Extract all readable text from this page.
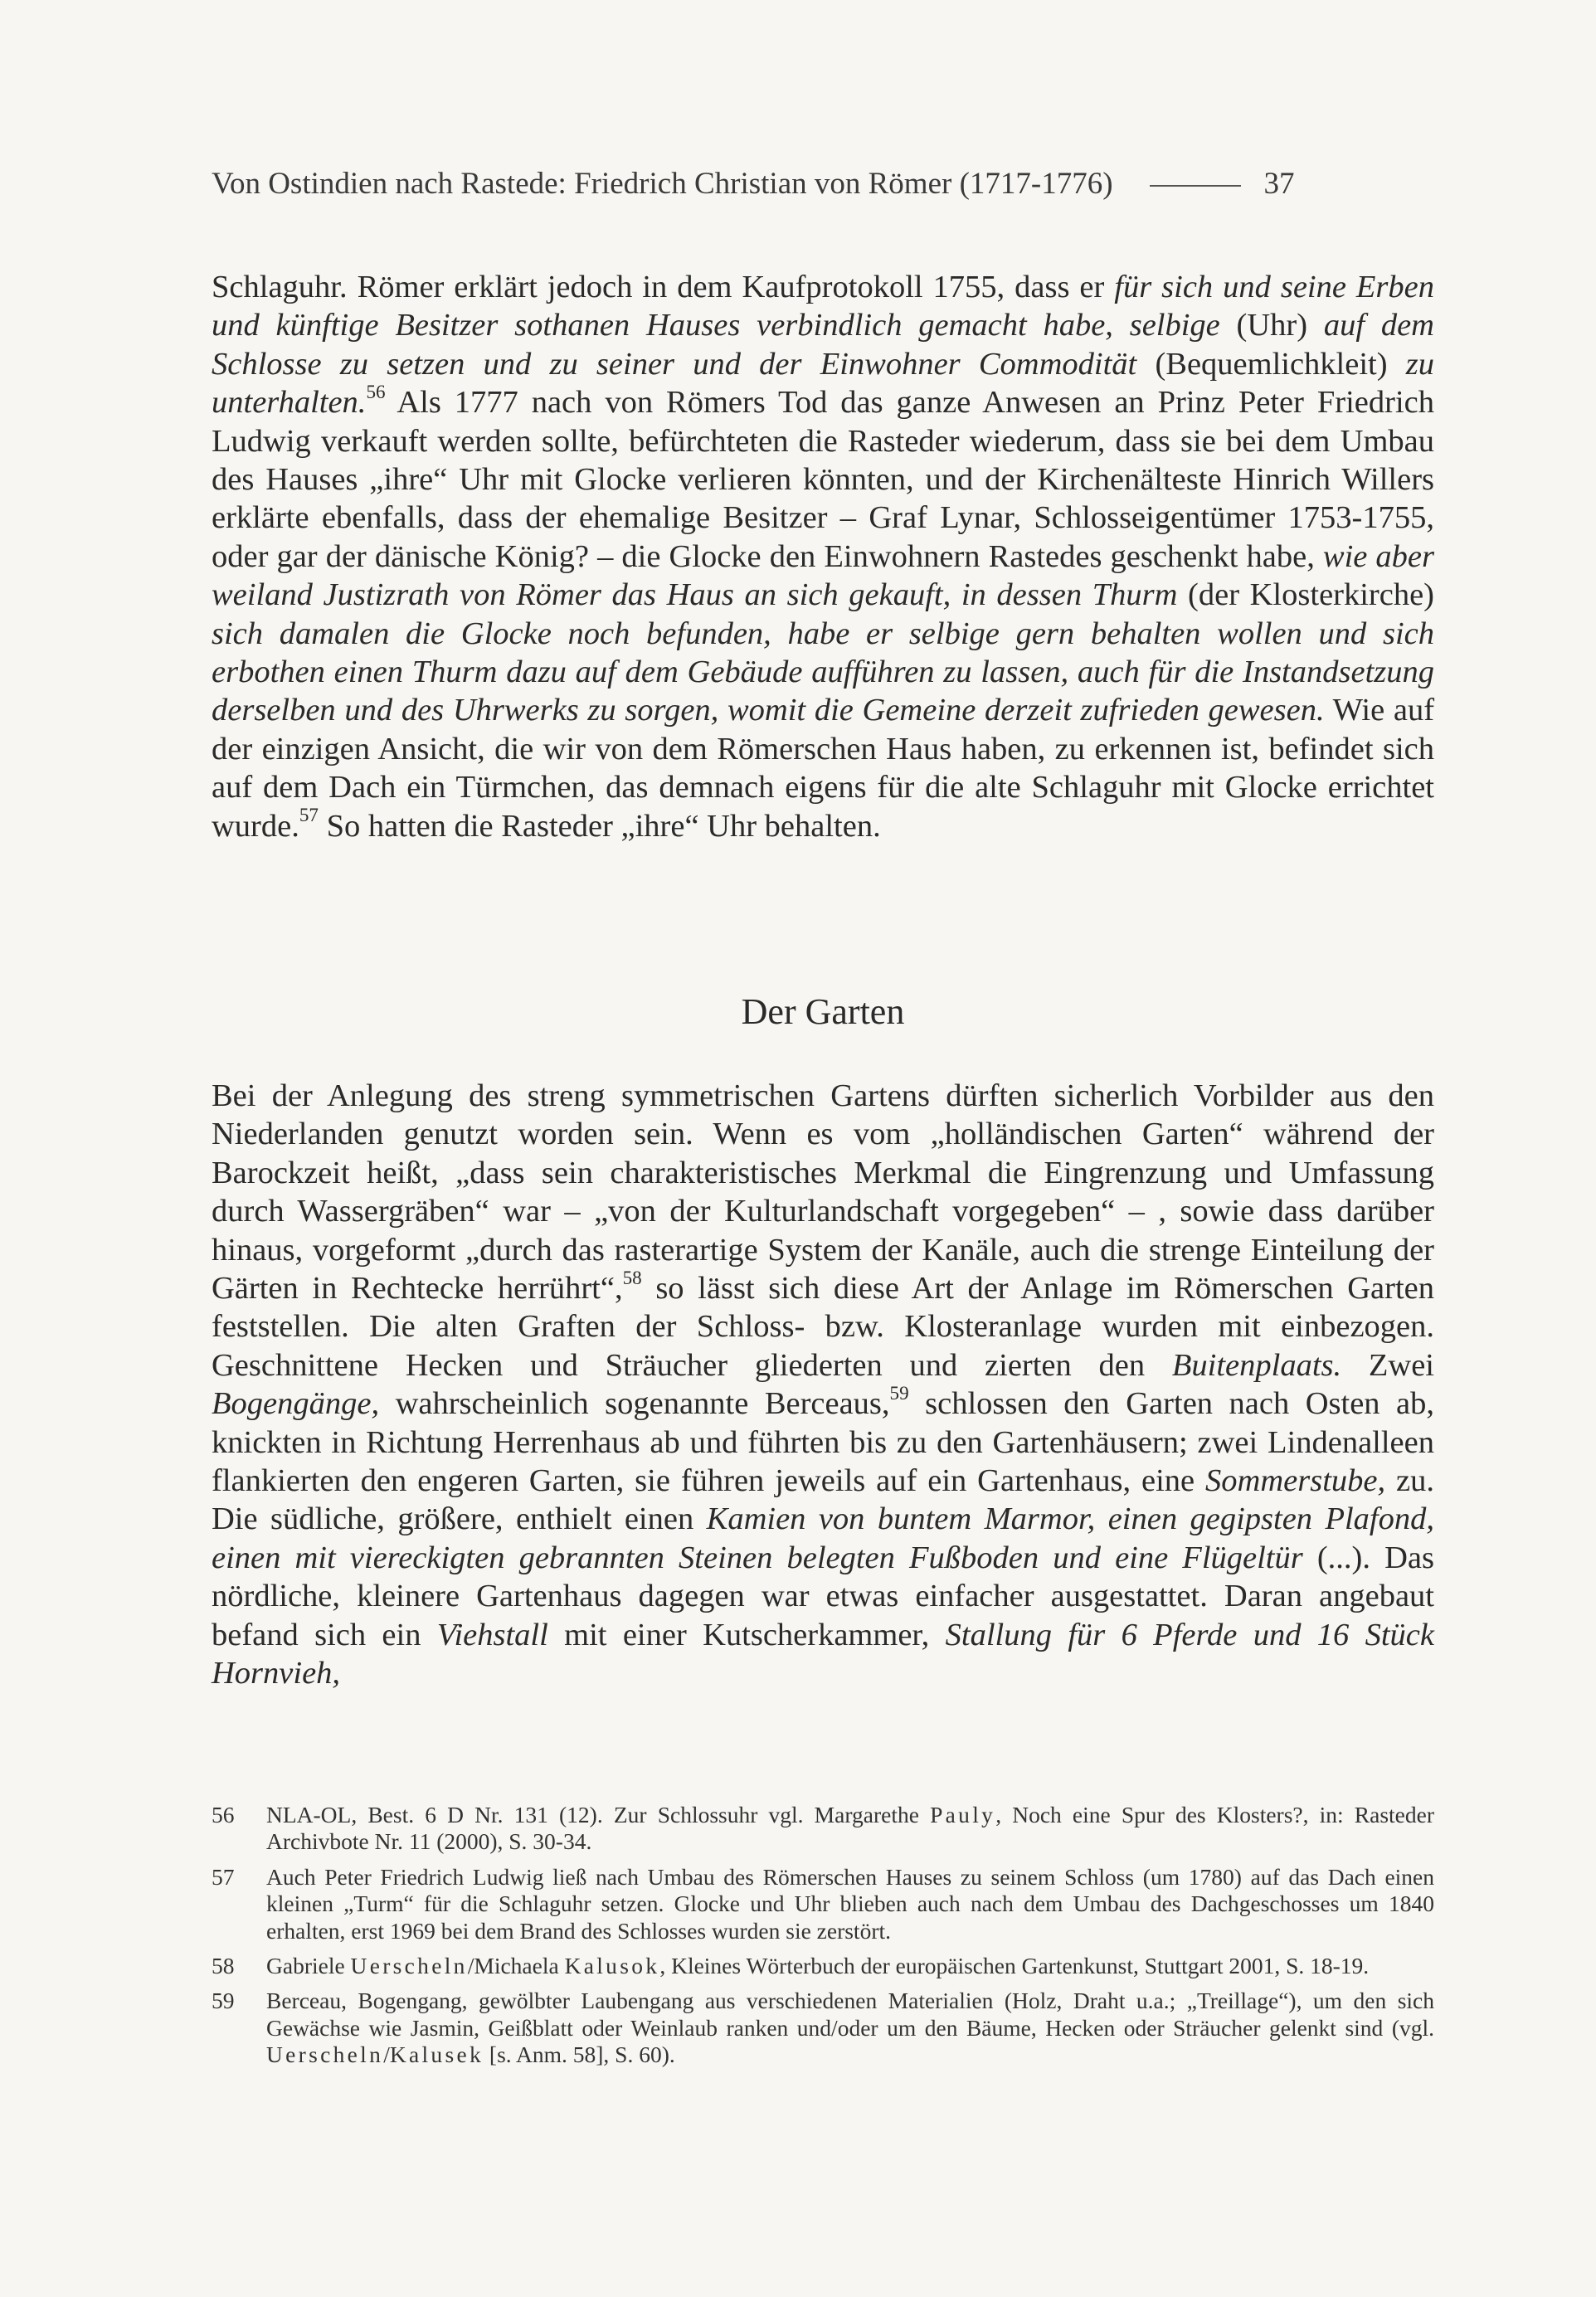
Von Ostindien nach Rastede: Friedrich Christian von Römer (1717-1776)	37

Schlaguhr. Römer erklärt jedoch in dem Kaufprotokoll 1755, dass er für sich und seine Erben und künftige Besitzer sothanen Hauses verbindlich gemacht habe, selbige (Uhr) auf dem Schlosse zu setzen und zu seiner und der Einwohner Commodität (Bequemlichkleit) zu unterhalten.$^{56}$ Als 1777 nach von Römers Tod das ganze Anwesen an Prinz Peter Friedrich Ludwig verkauft werden sollte, befürchteten die Rasteder wiederum, dass sie bei dem Umbau des Hauses „ihre“ Uhr mit Glocke verlieren könnten, und der Kirchenälteste Hinrich Willers erklärte ebenfalls, dass der ehemalige Besitzer – Graf Lynar, Schlosseigentümer 1753-1755, oder gar der dänische König? – die Glocke den Einwohnern Rastedes geschenkt habe, wie aber weiland Justizrath von Römer das Haus an sich gekauft, in dessen Thurm (der Klosterkirche) sich damalen die Glocke noch befunden, habe er selbige gern behalten wollen und sich erbothen einen Thurm dazu auf dem Gebäude aufführen zu lassen, auch für die Instandsetzung derselben und des Uhrwerks zu sorgen, womit die Gemeine derzeit zufrieden gewesen. Wie auf der einzigen Ansicht, die wir von dem Römerschen Haus haben, zu erkennen ist, befindet sich auf dem Dach ein Türmchen, das demnach eigens für die alte Schlaguhr mit Glocke errichtet wurde.$^{57}$ So hatten die Rasteder „ihre“ Uhr behalten.

Der Garten

Bei der Anlegung des streng symmetrischen Gartens dürften sicherlich Vorbilder aus den Niederlanden genutzt worden sein. Wenn es vom „holländischen Garten“ während der Barockzeit heißt, „dass sein charakteristisches Merkmal die Eingrenzung und Umfassung durch Wassergräben“ war – „von der Kulturlandschaft vorgegeben“ – , sowie dass darüber hinaus, vorgeformt „durch das rasterartige System der Kanäle, auch die strenge Einteilung der Gärten in Rechtecke herrührt“,$^{58}$ so lässt sich diese Art der Anlage im Römerschen Garten feststellen. Die alten Graften der Schloss- bzw. Klosteranlage wurden mit einbezogen. Geschnittene Hecken und Sträucher gliederten und zierten den Buitenplaats. Zwei Bogengänge, wahrscheinlich sogenannte Berceaus,$^{59}$ schlossen den Garten nach Osten ab, knickten in Richtung Herrenhaus ab und führten bis zu den Gartenhäusern; zwei Lindenalleen flankierten den engeren Garten, sie führen jeweils auf ein Gartenhaus, eine Sommerstube, zu. Die südliche, größere, enthielt einen Kamien von buntem Marmor, einen gegipsten Plafond, einen mit viereckigten gebrannten Steinen belegten Fußboden und eine Flügeltür (...). Das nördliche, kleinere Gartenhaus dagegen war etwas einfacher ausgestattet. Daran angebaut befand sich ein Viehstall mit einer Kutscherkammer, Stallung für 6 Pferde und 16 Stück Hornvieh,

56	NLA-OL, Best. 6 D Nr. 131 (12). Zur Schlossuhr vgl. Margarethe Pauly, Noch eine Spur des Klosters?, in: Rasteder Archivbote Nr. 11 (2000), S. 30-34.
57	Auch Peter Friedrich Ludwig ließ nach Umbau des Römerschen Hauses zu seinem Schloss (um 1780) auf das Dach einen kleinen „Turm“ für die Schlaguhr setzen. Glocke und Uhr blieben auch nach dem Umbau des Dachgeschosses um 1840 erhalten, erst 1969 bei dem Brand des Schlosses wurden sie zerstört.
58	Gabriele Uerscheln/Michaela Kalusok, Kleines Wörterbuch der europäischen Gartenkunst, Stuttgart 2001, S. 18-19.
59	Berceau, Bogengang, gewölbter Laubengang aus verschiedenen Materialien (Holz, Draht u.a.; „Treillage“), um den sich Gewächse wie Jasmin, Geißblatt oder Weinlaub ranken und/oder um den Bäume, Hecken oder Sträucher gelenkt sind (vgl. Uerscheln/Kalusek [s. Anm. 58], S. 60).
